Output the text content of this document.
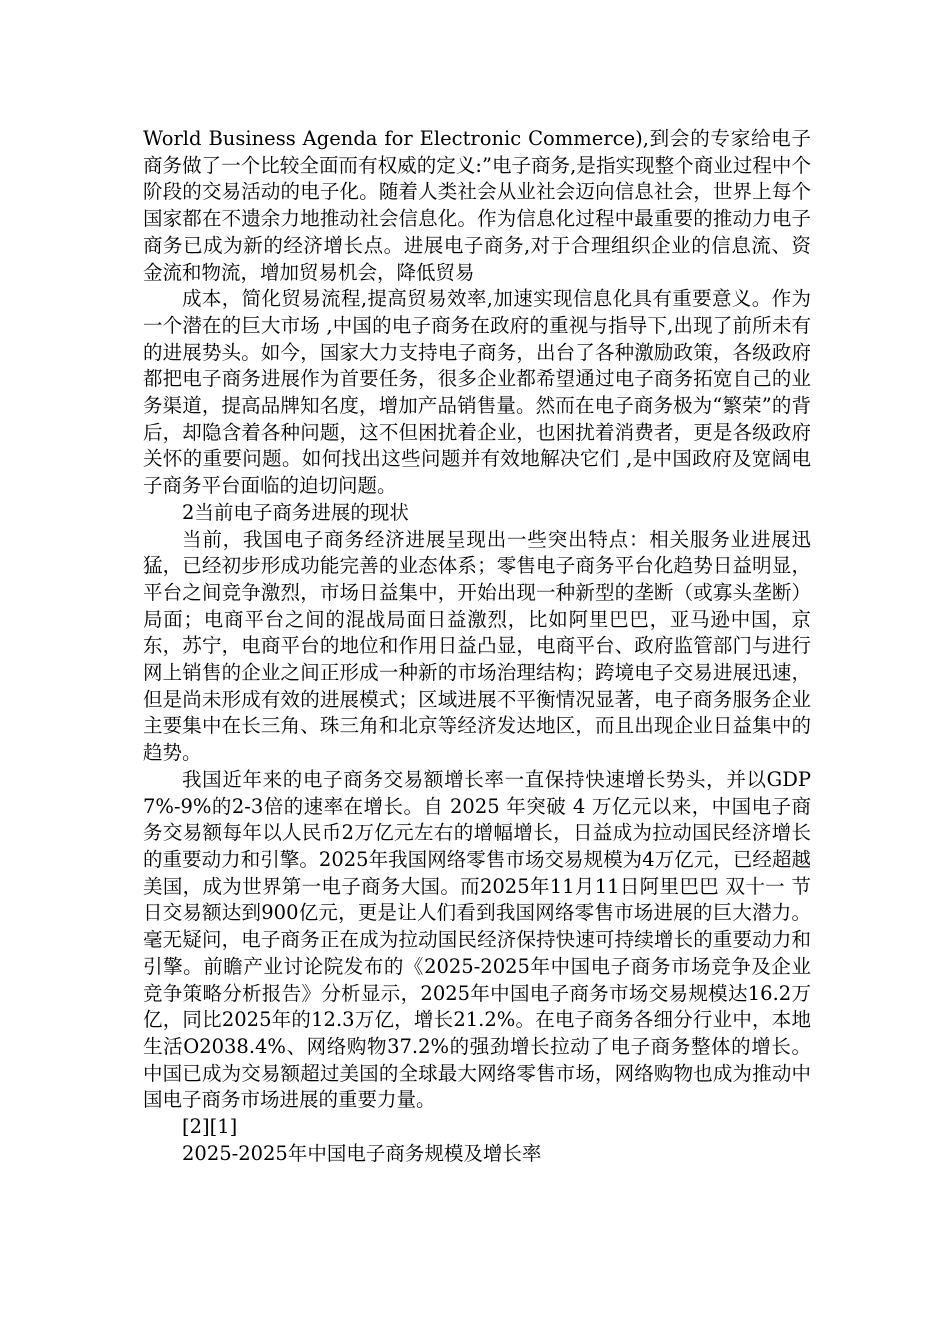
World Business Agenda for Electronic Commerce),到会的专家给电子商务做了一个比较全面而有权威的定义:”电子商务,是指实现整个商业过程中个阶段的交易活动的电子化。随着人类社会从业社会迈向信息社会，世界上每个国家都在不遗余力地推动社会信息化。作为信息化过程中最重要的推动力电子商务已成为新的经济增长点。进展电子商务,对于合理组织企业的信息流、资金流和物流，增加贸易机会，降低贸易

成本，简化贸易流程,提高贸易效率,加速实现信息化具有重要意义。作为一个潜在的巨大市场 ,中国的电子商务在政府的重视与指导下,出现了前所未有的进展势头。如今，国家大力支持电子商务，出台了各种激励政策，各级政府都把电子商务进展作为首要任务，很多企业都希望通过电子商务拓宽自己的业务渠道，提高品牌知名度，增加产品销售量。然而在电子商务极为“繁荣”的背后，却隐含着各种问题，这不但困扰着企业，也困扰着消费者，更是各级政府关怀的重要问题。如何找出这些问题并有效地解决它们 ,是中国政府及宽阔电子商务平台面临的迫切问题。

2当前电子商务进展的现状

当前，我国电子商务经济进展呈现出一些突出特点：相关服务业进展迅猛，已经初步形成功能完善的业态体系；零售电子商务平台化趋势日益明显，平台之间竞争激烈，市场日益集中，开始出现一种新型的垄断（或寡头垄断）局面；电商平台之间的混战局面日益激烈，比如阿里巴巴，亚马逊中国，京东，苏宁，电商平台的地位和作用日益凸显，电商平台、政府监管部门与进行网上销售的企业之间正形成一种新的市场治理结构；跨境电子交易进展迅速，但是尚未形成有效的进展模式；区域进展不平衡情况显著，电子商务服务企业主要集中在长三角、珠三角和北京等经济发达地区，而且出现企业日益集中的趋势。

我国近年来的电子商务交易额增长率一直保持快速增长势头，并以GDP7%-9%的2-3倍的速率在增长。自 2025 年突破 4 万亿元以来，中国电子商务交易额每年以人民币2万亿元左右的增幅增长，日益成为拉动国民经济增长的重要动力和引擎。2025年我国网络零售市场交易规模为4万亿元，已经超越美国，成为世界第一电子商务大国。而2025年11月11日阿里巴巴 双十一 节日交易额达到900亿元，更是让人们看到我国网络零售市场进展的巨大潜力。毫无疑问，电子商务正在成为拉动国民经济保持快速可持续增长的重要动力和引擎。前瞻产业讨论院发布的《2025-2025年中国电子商务市场竞争及企业竞争策略分析报告》分析显示，2025年中国电子商务市场交易规模达16.2万亿，同比2025年的12.3万亿，增长21.2%。在电子商务各细分行业中，本地生活O2038.4%、网络购物37.2%的强劲增长拉动了电子商务整体的增长。中国已成为交易额超过美国的全球最大网络零售市场，网络购物也成为推动中国电子商务市场进展的重要力量。

[2][1]

2025-2025年中国电子商务规模及增长率
